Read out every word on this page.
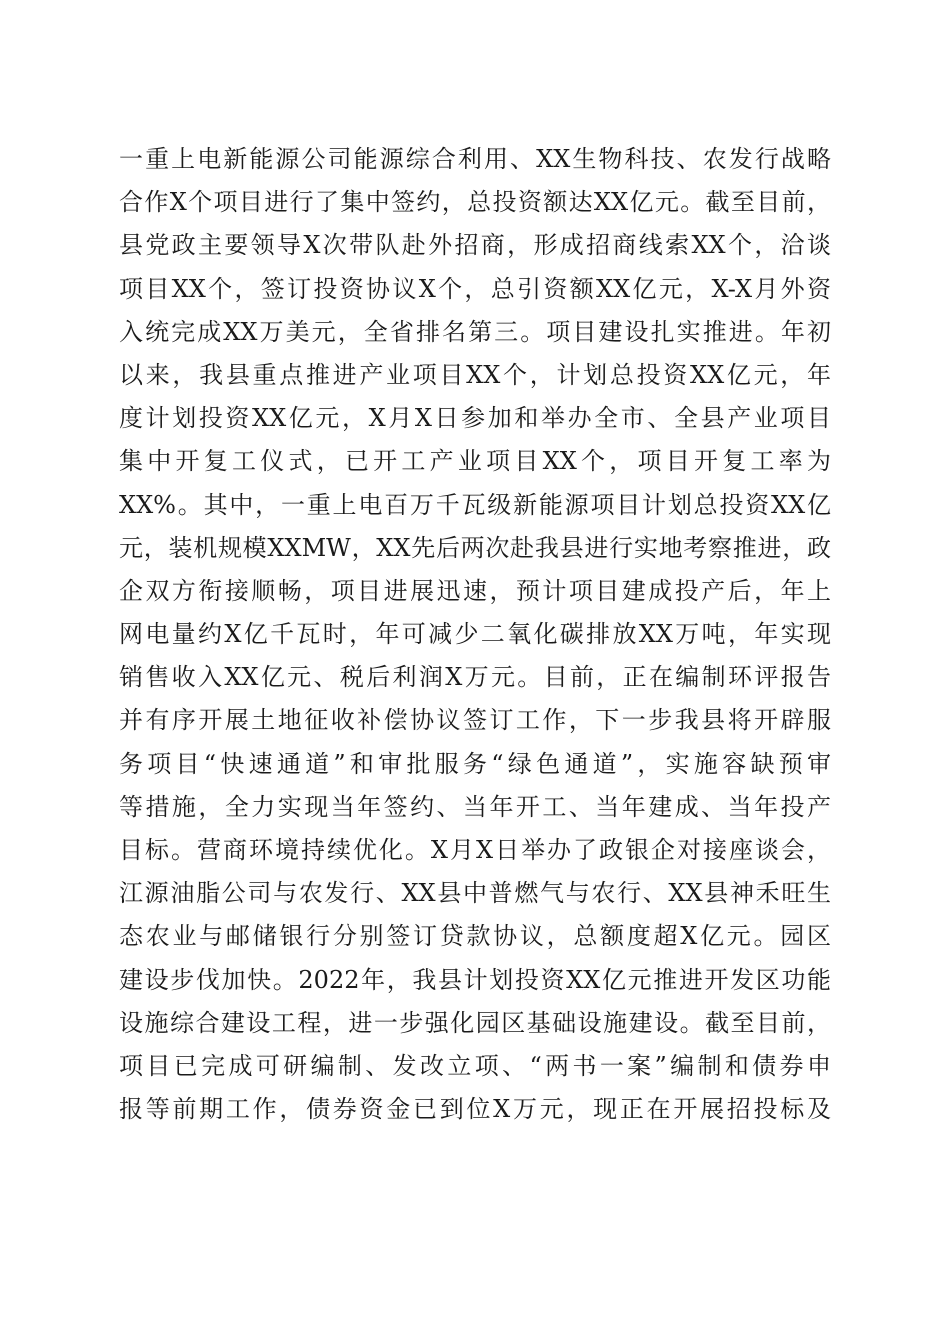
一重上电新能源公司能源综合利用、XX生物科技、农发行战略
合作X个项目进行了集中签约，总投资额达XX亿元。截至目前，
县党政主要领导X次带队赴外招商，形成招商线索XX个，洽谈
项目XX个，签订投资协议X个，总引资额XX亿元，X-X月外资
入统完成XX万美元，全省排名第三。项目建设扎实推进。年初
以来，我县重点推进产业项目XX个，计划总投资XX亿元，年
度计划投资XX亿元，X月X日参加和举办全市、全县产业项目
集中开复工仪式，已开工产业项目XX个，项目开复工率为
XX%。其中，一重上电百万千瓦级新能源项目计划总投资XX亿
元，装机规模XXMW，XX先后两次赴我县进行实地考察推进，政
企双方衔接顺畅，项目进展迅速，预计项目建成投产后，年上
网电量约X亿千瓦时，年可减少二氧化碳排放XX万吨，年实现
销售收入XX亿元、税后利润X万元。目前，正在编制环评报告
并有序开展土地征收补偿协议签订工作，下一步我县将开辟服
务项目“快速通道”和审批服务“绿色通道”，实施容缺预审
等措施，全力实现当年签约、当年开工、当年建成、当年投产
目标。营商环境持续优化。X月X日举办了政银企对接座谈会，
江源油脂公司与农发行、XX县中普燃气与农行、XX县神禾旺生
态农业与邮储银行分别签订贷款协议，总额度超X亿元。园区
建设步伐加快。2022年，我县计划投资XX亿元推进开发区功能
设施综合建设工程，进一步强化园区基础设施建设。截至目前，
项目已完成可研编制、发改立项、“两书一案”编制和债券申
报等前期工作，债券资金已到位X万元，现正在开展招投标及
